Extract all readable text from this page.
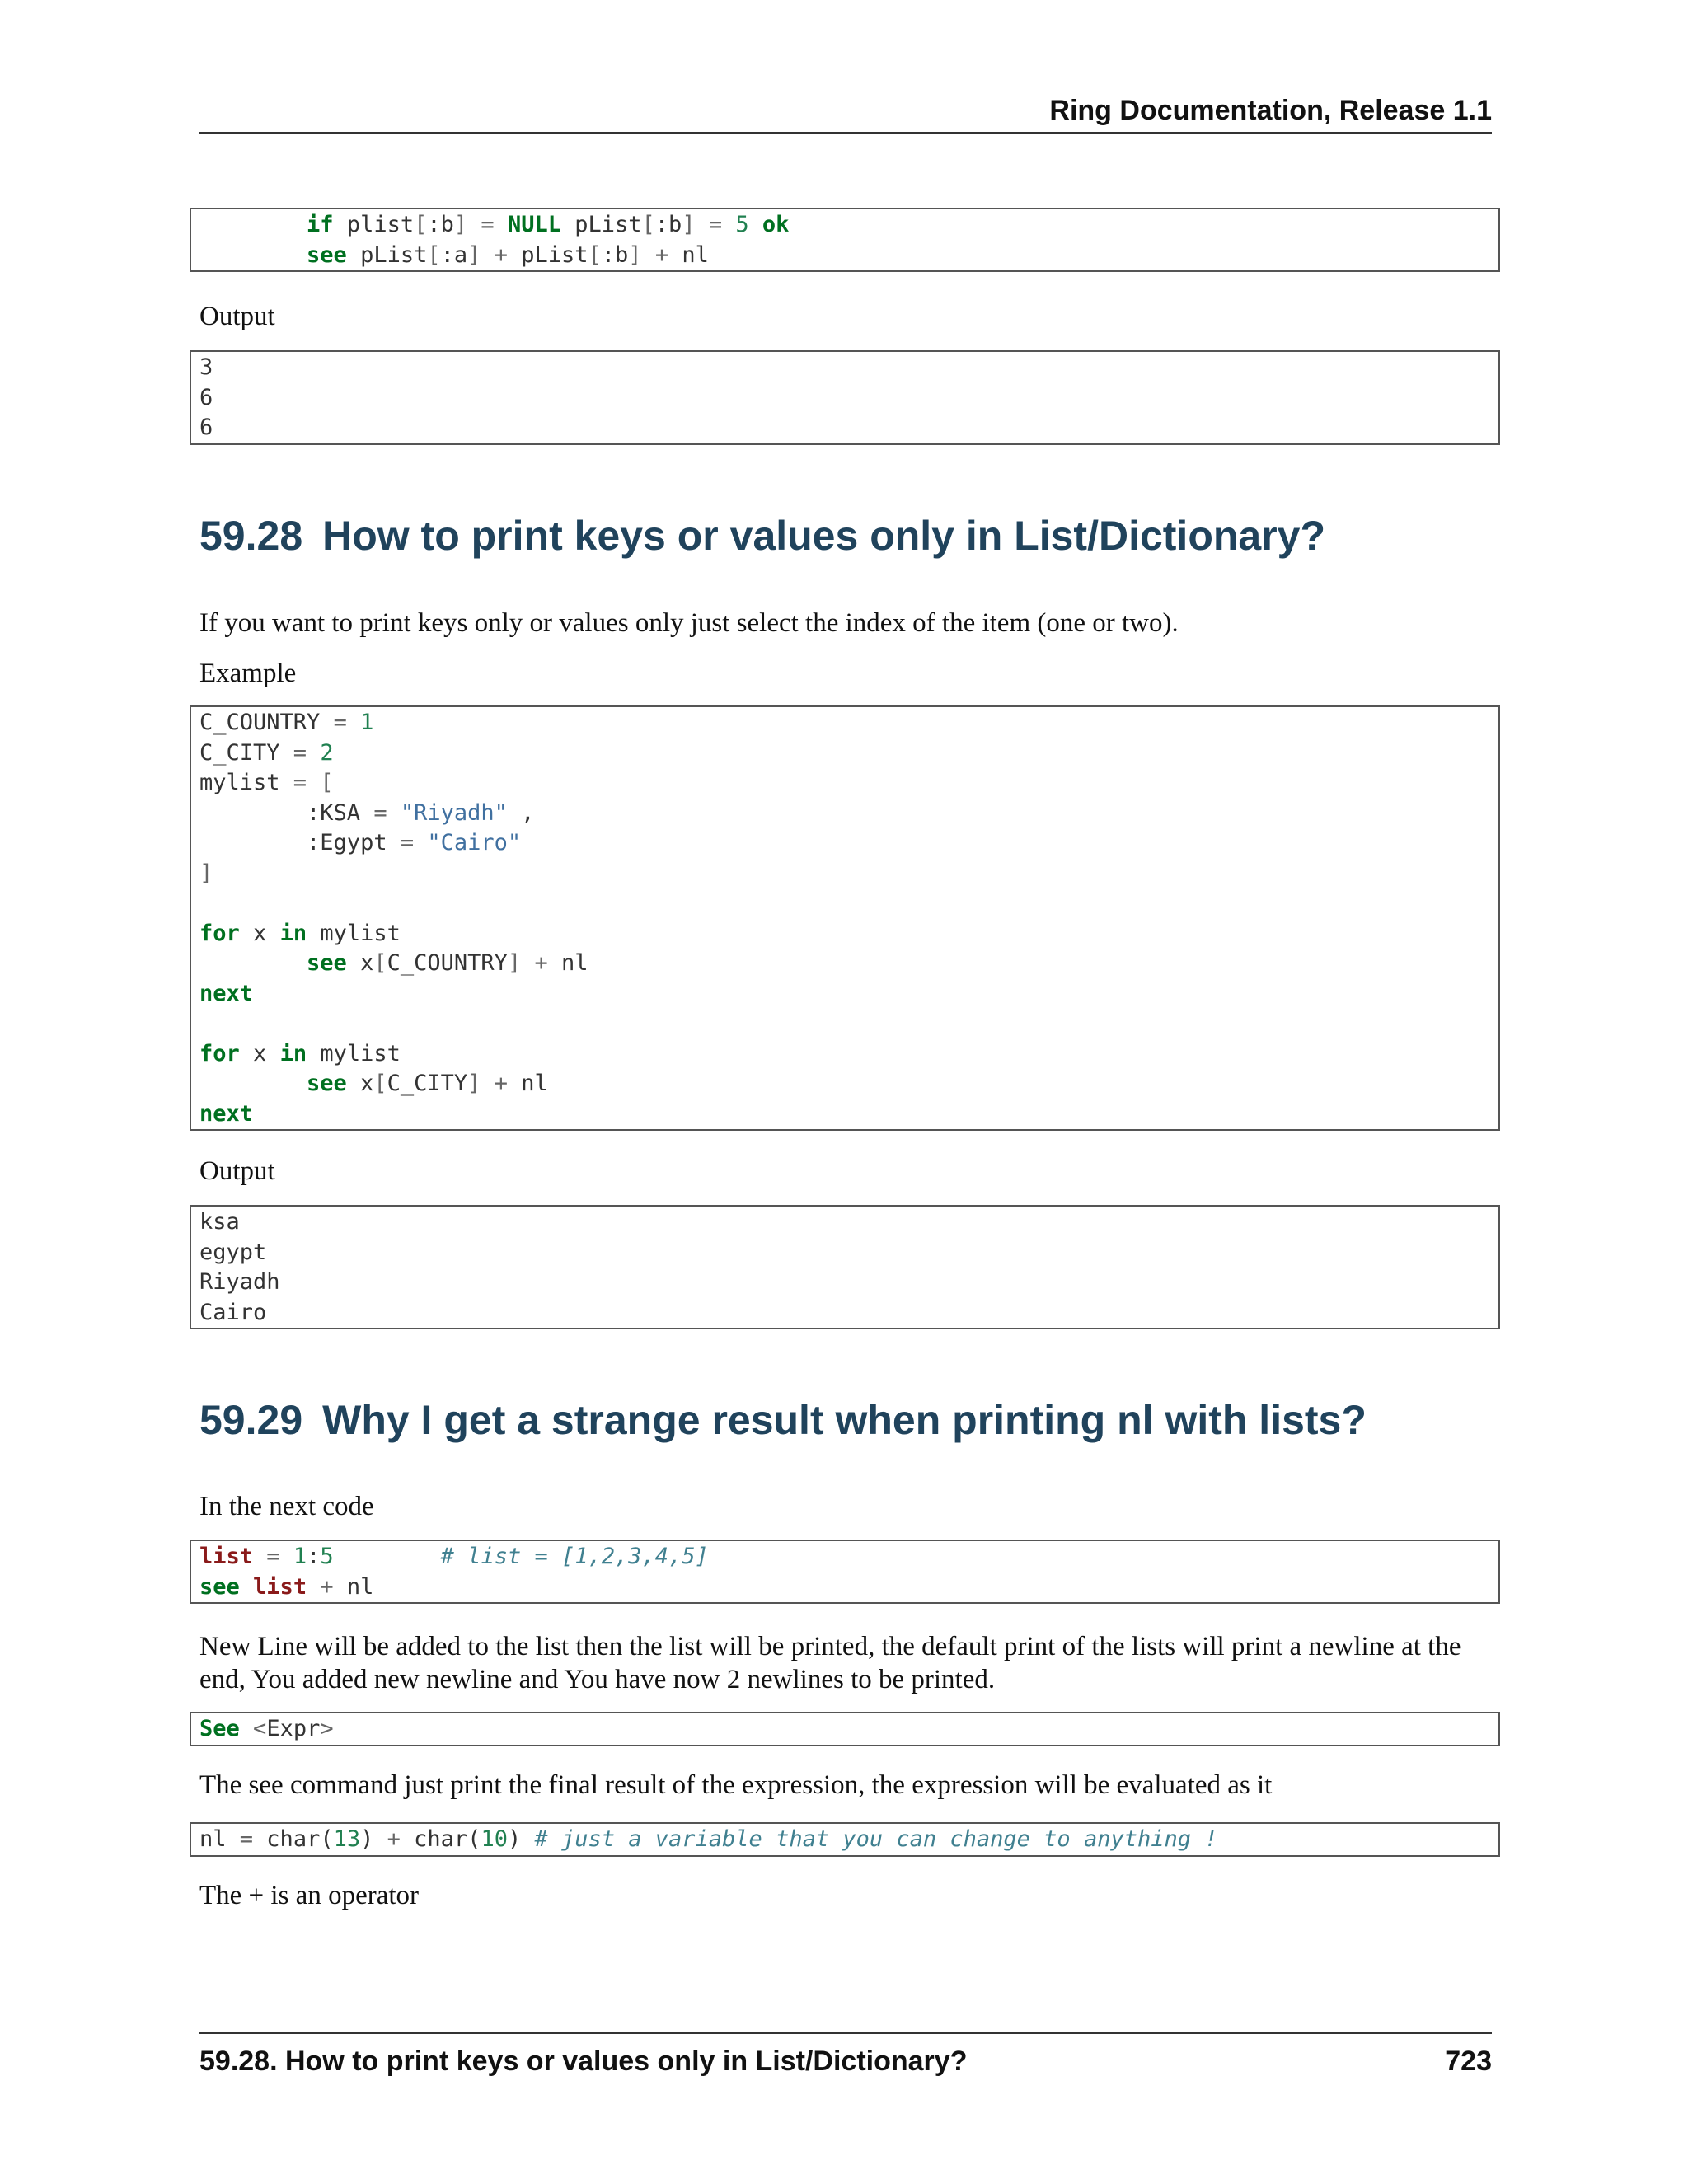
Ring Documentation, Release 1.1
if plist[:b] = NULL pList[:b] = 5 ok
see pList[:a] + pList[:b] + nl
Output
3
6
6
59.28 How to print keys or values only in List/Dictionary?
If you want to print keys only or values only just select the index of the item (one or two).
Example
C_COUNTRY = 1
C_CITY = 2
mylist = [
:KSA = "Riyadh" ,
:Egypt = "Cairo"
]
for x in mylist
see x[C_COUNTRY] + nl
next
for x in mylist
see x[C_CITY] + nl
next
Output
ksa
egypt
Riyadh
Cairo
59.29 Why I get a strange result when printing nl with lists?
In the next code
list = 1:5	# list = [1,2,3,4,5]
see list + nl
New Line will be added to the list then the list will be printed, the default print of the lists will print a newline at the end, You added new newline and You have now 2 newlines to be printed.
See <Expr>
The see command just print the final result of the expression, the expression will be evaluated as it
nl = char(13) + char(10) # just a variable that you can change to anything !
The + is an operator
59.28. How to print keys or values only in List/Dictionary?	723
